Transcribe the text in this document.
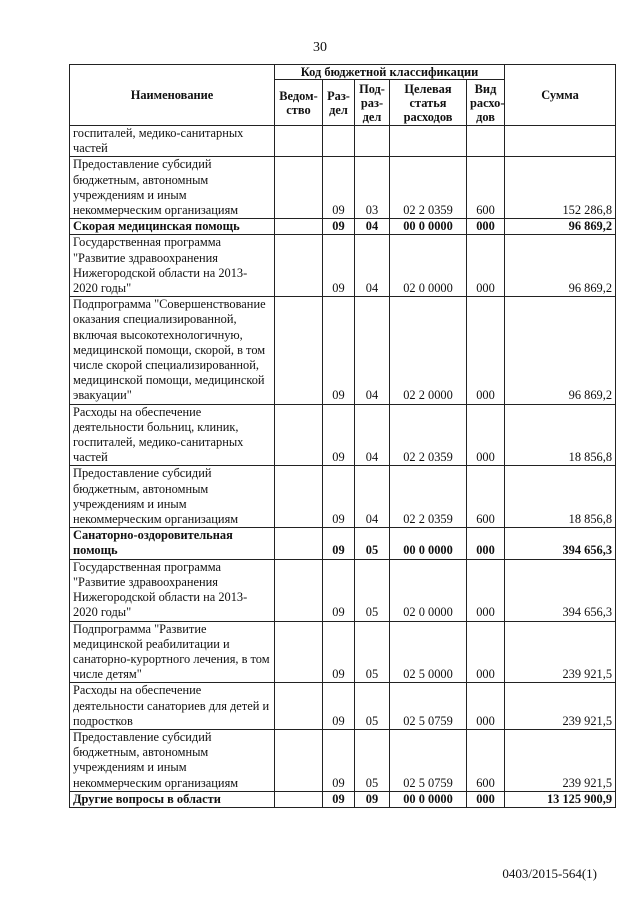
30
Наименование	Код бюджетной классификации					Сумма
	Ведом-ство	Раз-дел	Под-раз-дел	Целевая статья расходов	Вид расхо-дов	
госпиталей, медико-санитарных частей						
Предоставление субсидий бюджетным, автономным учреждениям и иным некоммерческим организациям		09	03	02 2 0359	600	152 286,8
Скорая медицинская помощь		09	04	00 0 0000	000	96 869,2
Государственная программа "Развитие здравоохранения Нижегородской области на 2013-2020 годы"		09	04	02 0 0000	000	96 869,2
Подпрограмма "Совершенствование оказания специализированной, включая высокотехнологичную, медицинской помощи, скорой, в том числе скорой специализированной, медицинской помощи, медицинской эвакуации"		09	04	02 2 0000	000	96 869,2
Расходы на обеспечение деятельности больниц, клиник, госпиталей, медико-санитарных частей		09	04	02 2 0359	000	18 856,8
Предоставление субсидий бюджетным, автономным учреждениям и иным некоммерческим организациям		09	04	02 2 0359	600	18 856,8
Санаторно-оздоровительная помощь		09	05	00 0 0000	000	394 656,3
Государственная программа "Развитие здравоохранения Нижегородской области на 2013-2020 годы"		09	05	02 0 0000	000	394 656,3
Подпрограмма "Развитие медицинской реабилитации и санаторно-курортного лечения, в том числе детям"		09	05	02 5 0000	000	239 921,5
Расходы на обеспечение деятельности санаториев для детей и подростков		09	05	02 5 0759	000	239 921,5
Предоставление субсидий бюджетным, автономным учреждениям и иным некоммерческим организациям		09	05	02 5 0759	600	239 921,5
Другие вопросы в области		09	09	00 0 0000	000	13 125 900,9
0403/2015-564(1)
